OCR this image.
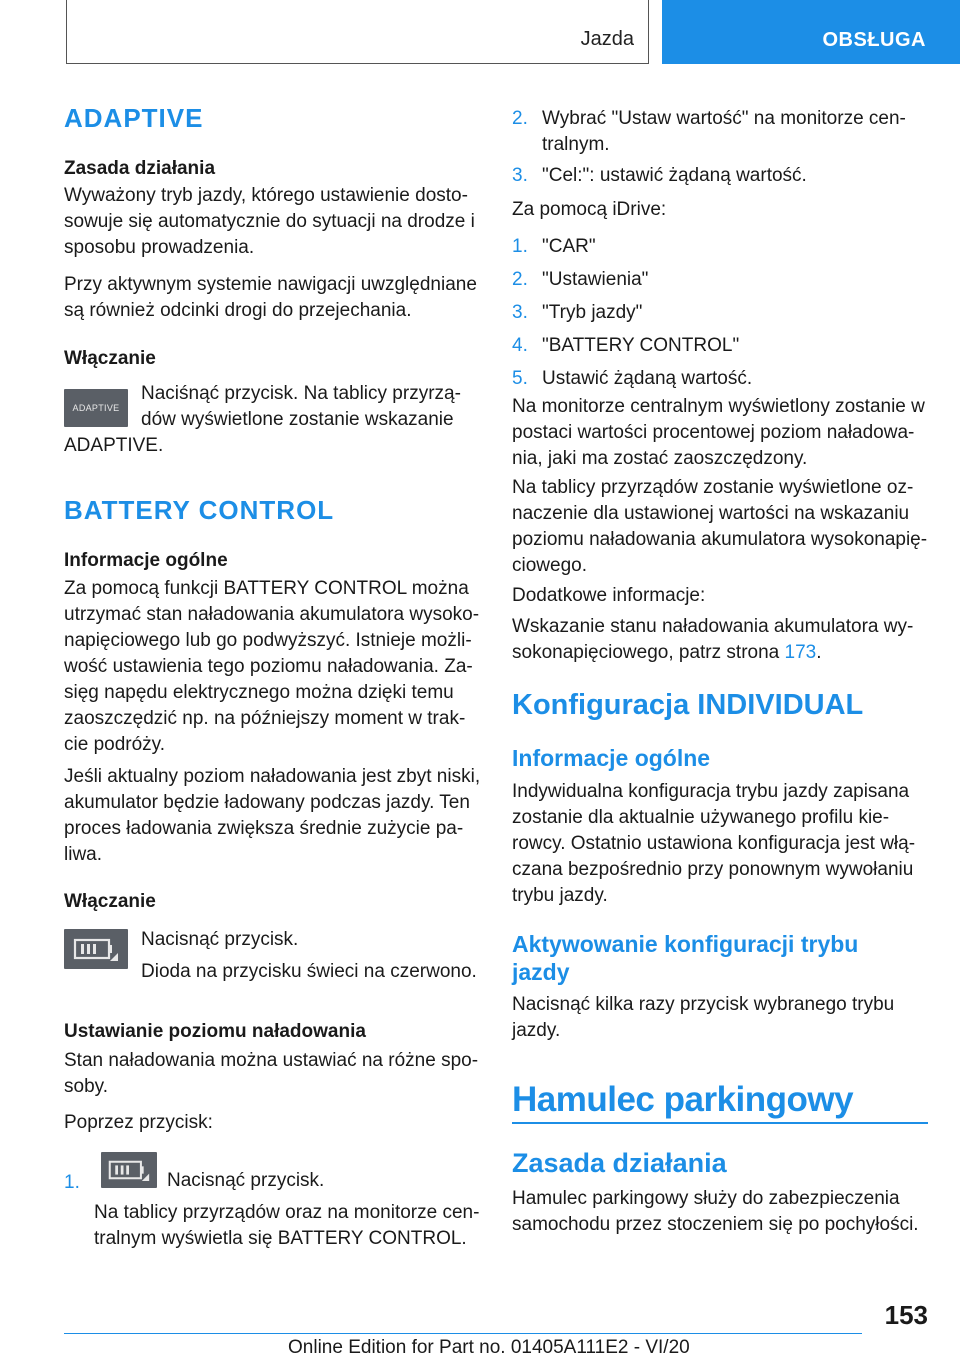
Jazda	OBSŁUGA
ADAPTIVE
Zasada działania
Wyważony tryb jazdy, którego ustawienie dosto-
sowuje się automatycznie do sytuacji na drodze i
sposobu prowadzenia.
Przy aktywnym systemie nawigacji uwzględniane
są również odcinki drogi do przejechania.
Włączanie
ADAPTIVE
Naciśnąć przycisk. Na tablicy przyrzą-
dów wyświetlone zostanie wskazanie
ADAPTIVE.
BATTERY CONTROL
Informacje ogólne
Za pomocą funkcji BATTERY CONTROL można
utrzymać stan naładowania akumulatora wysoko-
napięciowego lub go podwyższyć. Istnieje możli-
wość ustawienia tego poziomu naładowania. Za-
sięg napędu elektrycznego można dzięki temu
zaoszczędzić np. na późniejszy moment w trak-
cie podróży.
Jeśli aktualny poziom naładowania jest zbyt niski,
akumulator będzie ładowany podczas jazdy. Ten
proces ładowania zwiększa średnie zużycie pa-
liwa.
Włączanie
Nacisnąć przycisk.
Dioda na przycisku świeci na czerwono.
Ustawianie poziomu naładowania
Stan naładowania można ustawiać na różne spo-
soby.
Poprzez przycisk:
1.	Nacisnąć przycisk.
Na tablicy przyrządów oraz na monitorze cen-
tralnym wyświetla się BATTERY CONTROL.
2. Wybrać "Ustaw wartość" na monitorze cen-
tralnym.
3. "Cel:": ustawić żądaną wartość.
Za pomocą iDrive:
1. "CAR"
2. "Ustawienia"
3. "Tryb jazdy"
4. "BATTERY CONTROL"
5. Ustawić żądaną wartość.
Na monitorze centralnym wyświetlony zostanie w
postaci wartości procentowej poziom naładowa-
nia, jaki ma zostać zaoszczędzony.
Na tablicy przyrządów zostanie wyświetlone oz-
naczenie dla ustawionej wartości na wskazaniu
poziomu naładowania akumulatora wysokonapię-
ciowego.
Dodatkowe informacje:
Wskazanie stanu naładowania akumulatora wy-
sokonapięciowego, patrz strona 173.
Konfiguracja INDIVIDUAL
Informacje ogólne
Indywidualna konfiguracja trybu jazdy zapisana
zostanie dla aktualnie używanego profilu kie-
rowcy. Ostatnio ustawiona konfiguracja jest włą-
czana bezpośrednio przy ponownym wywołaniu
trybu jazdy.
Aktywowanie konfiguracji trybu
jazdy
Nacisnąć kilka razy przycisk wybranego trybu
jazdy.
Hamulec parkingowy
Zasada działania
Hamulec parkingowy służy do zabezpieczenia
samochodu przez stoczeniem się po pochyłości.
153
Online Edition for Part no. 01405A111E2 - VI/20
